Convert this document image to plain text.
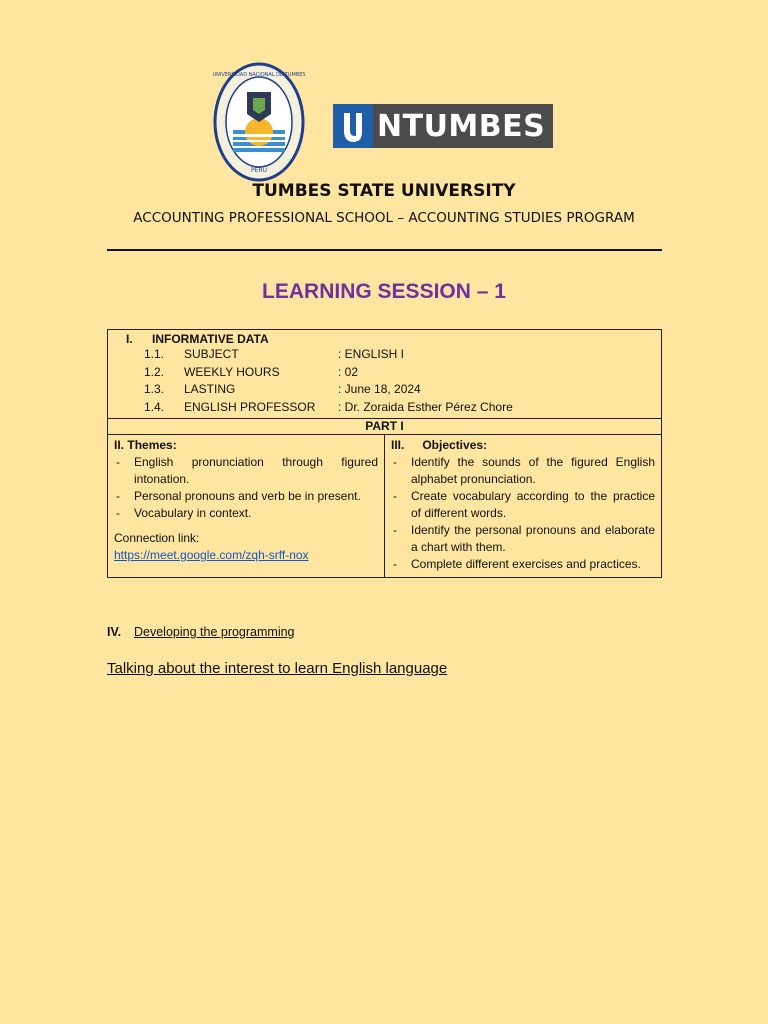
PERÚ
UNIVERSIDAD NACIONAL DE TUMBES
NTUMBES
TUMBES STATE UNIVERSITY
ACCOUNTING PROFESSIONAL SCHOOL – ACCOUNTING STUDIES PROGRAM
LEARNING SESSION – 1
I.	INFORMATIVE DATA
1.1.	SUBJECT	: ENGLISH I
1.2.	WEEKLY HOURS	: 02
1.3.	LASTING	: June 18, 2024
1.4.	ENGLISH PROFESSOR	: Dr. Zoraida Esther Pérez Chore
PART I
II. Themes:
-	English pronunciation through figured intonation.
-	Personal pronouns and verb be in present.
-	Vocabulary in context.
Connection link:
https://meet.google.com/zqh-srff-nox
III. Objectives:
-	Identify the sounds of the figured English alphabet pronunciation.
-	Create vocabulary according to the practice of different words.
-	Identify the personal pronouns and elaborate a chart with them.
-	Complete different exercises and practices.
IV. Developing the programming
Talking about the interest to learn English language
